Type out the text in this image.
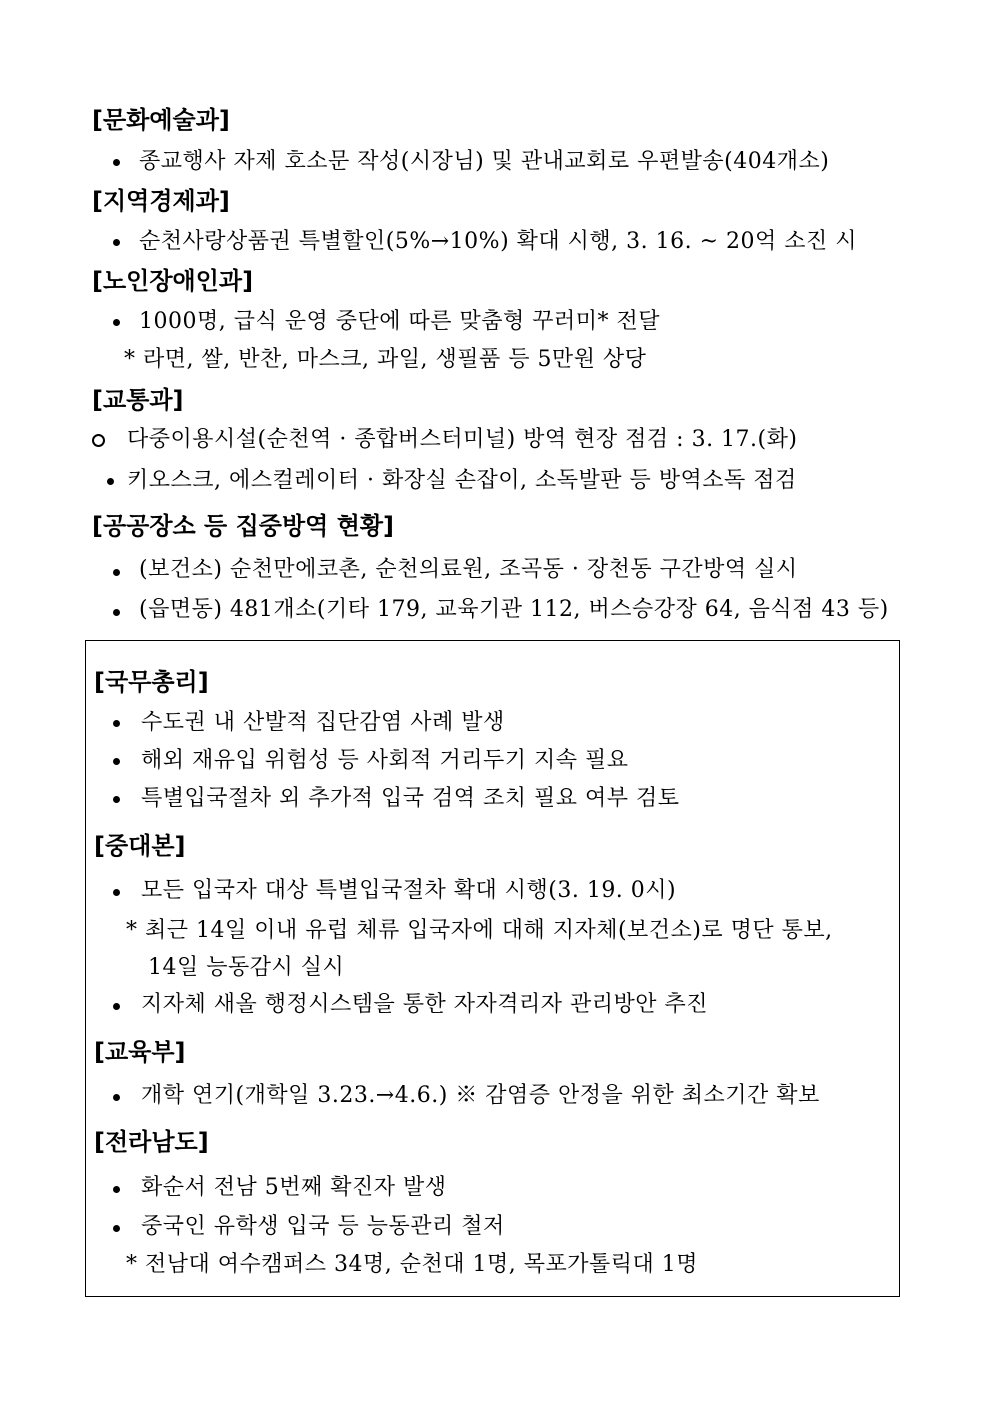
[문화예술과]
종교행사 자제 호소문 작성(시장님) 및 관내교회로 우편발송(404개소)
[지역경제과]
순천사랑상품권 특별할인(5%→10%) 확대 시행, 3. 16. ~ 20억 소진 시
[노인장애인과]
1000명, 급식 운영 중단에 따른 맞춤형 꾸러미* 전달
* 라면, 쌀, 반찬, 마스크, 과일, 생필품 등 5만원 상당
[교통과]
다중이용시설(순천역 · 종합버스터미널) 방역 현장 점검 : 3. 17.(화)
키오스크, 에스컬레이터 · 화장실 손잡이, 소독발판 등 방역소독 점검
[공공장소 등 집중방역 현황]
(보건소) 순천만에코촌, 순천의료원, 조곡동 · 장천동 구간방역 실시
(읍면동) 481개소(기타 179, 교육기관 112, 버스승강장 64, 음식점 43 등)
[국무총리]
수도권 내 산발적 집단감염 사례 발생
해외 재유입 위험성 등 사회적 거리두기 지속 필요
특별입국절차 외 추가적 입국 검역 조치 필요 여부 검토
[중대본]
모든 입국자 대상 특별입국절차 확대 시행(3. 19. 0시)
* 최근 14일 이내 유럽 체류 입국자에 대해 지자체(보건소)로 명단 통보,
14일 능동감시 실시
지자체 새올 행정시스템을 통한 자자격리자 관리방안 추진
[교육부]
개학 연기(개학일 3.23.→4.6.) ※ 감염증 안정을 위한 최소기간 확보
[전라남도]
화순서 전남 5번째 확진자 발생
중국인 유학생 입국 등 능동관리 철저
* 전남대 여수캠퍼스 34명, 순천대 1명, 목포가톨릭대 1명
